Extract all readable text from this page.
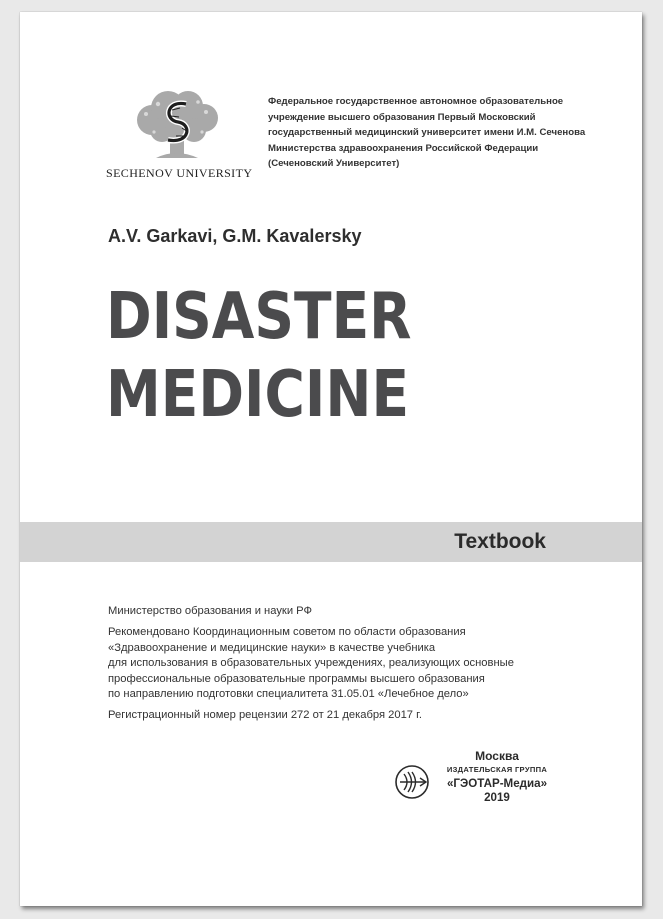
SECHENOV UNIVERSITY
Федеральное государственное автономное образовательное
учреждение высшего образования Первый Московский
государственный медицинский университет имени И.М. Сеченова
Министерства здравоохранения Российской Федерации
(Сеченовский Университет)
A.V. Garkavi, G.M. Kavalersky
DISASTER
MEDICINE
Textbook
Министерство образования и науки РФ
Рекомендовано Координационным советом по области образования
«Здравоохранение и медицинские науки» в качестве учебника
для использования в образовательных учреждениях, реализующих основные
профессиональные образовательные программы высшего образования
по направлению подготовки специалитета 31.05.01 «Лечебное дело»
Регистрационный номер рецензии 272 от 21 декабря 2017 г.
Москва
ИЗДАТЕЛЬСКАЯ ГРУППА
«ГЭОТАР-Медиа»
2019
